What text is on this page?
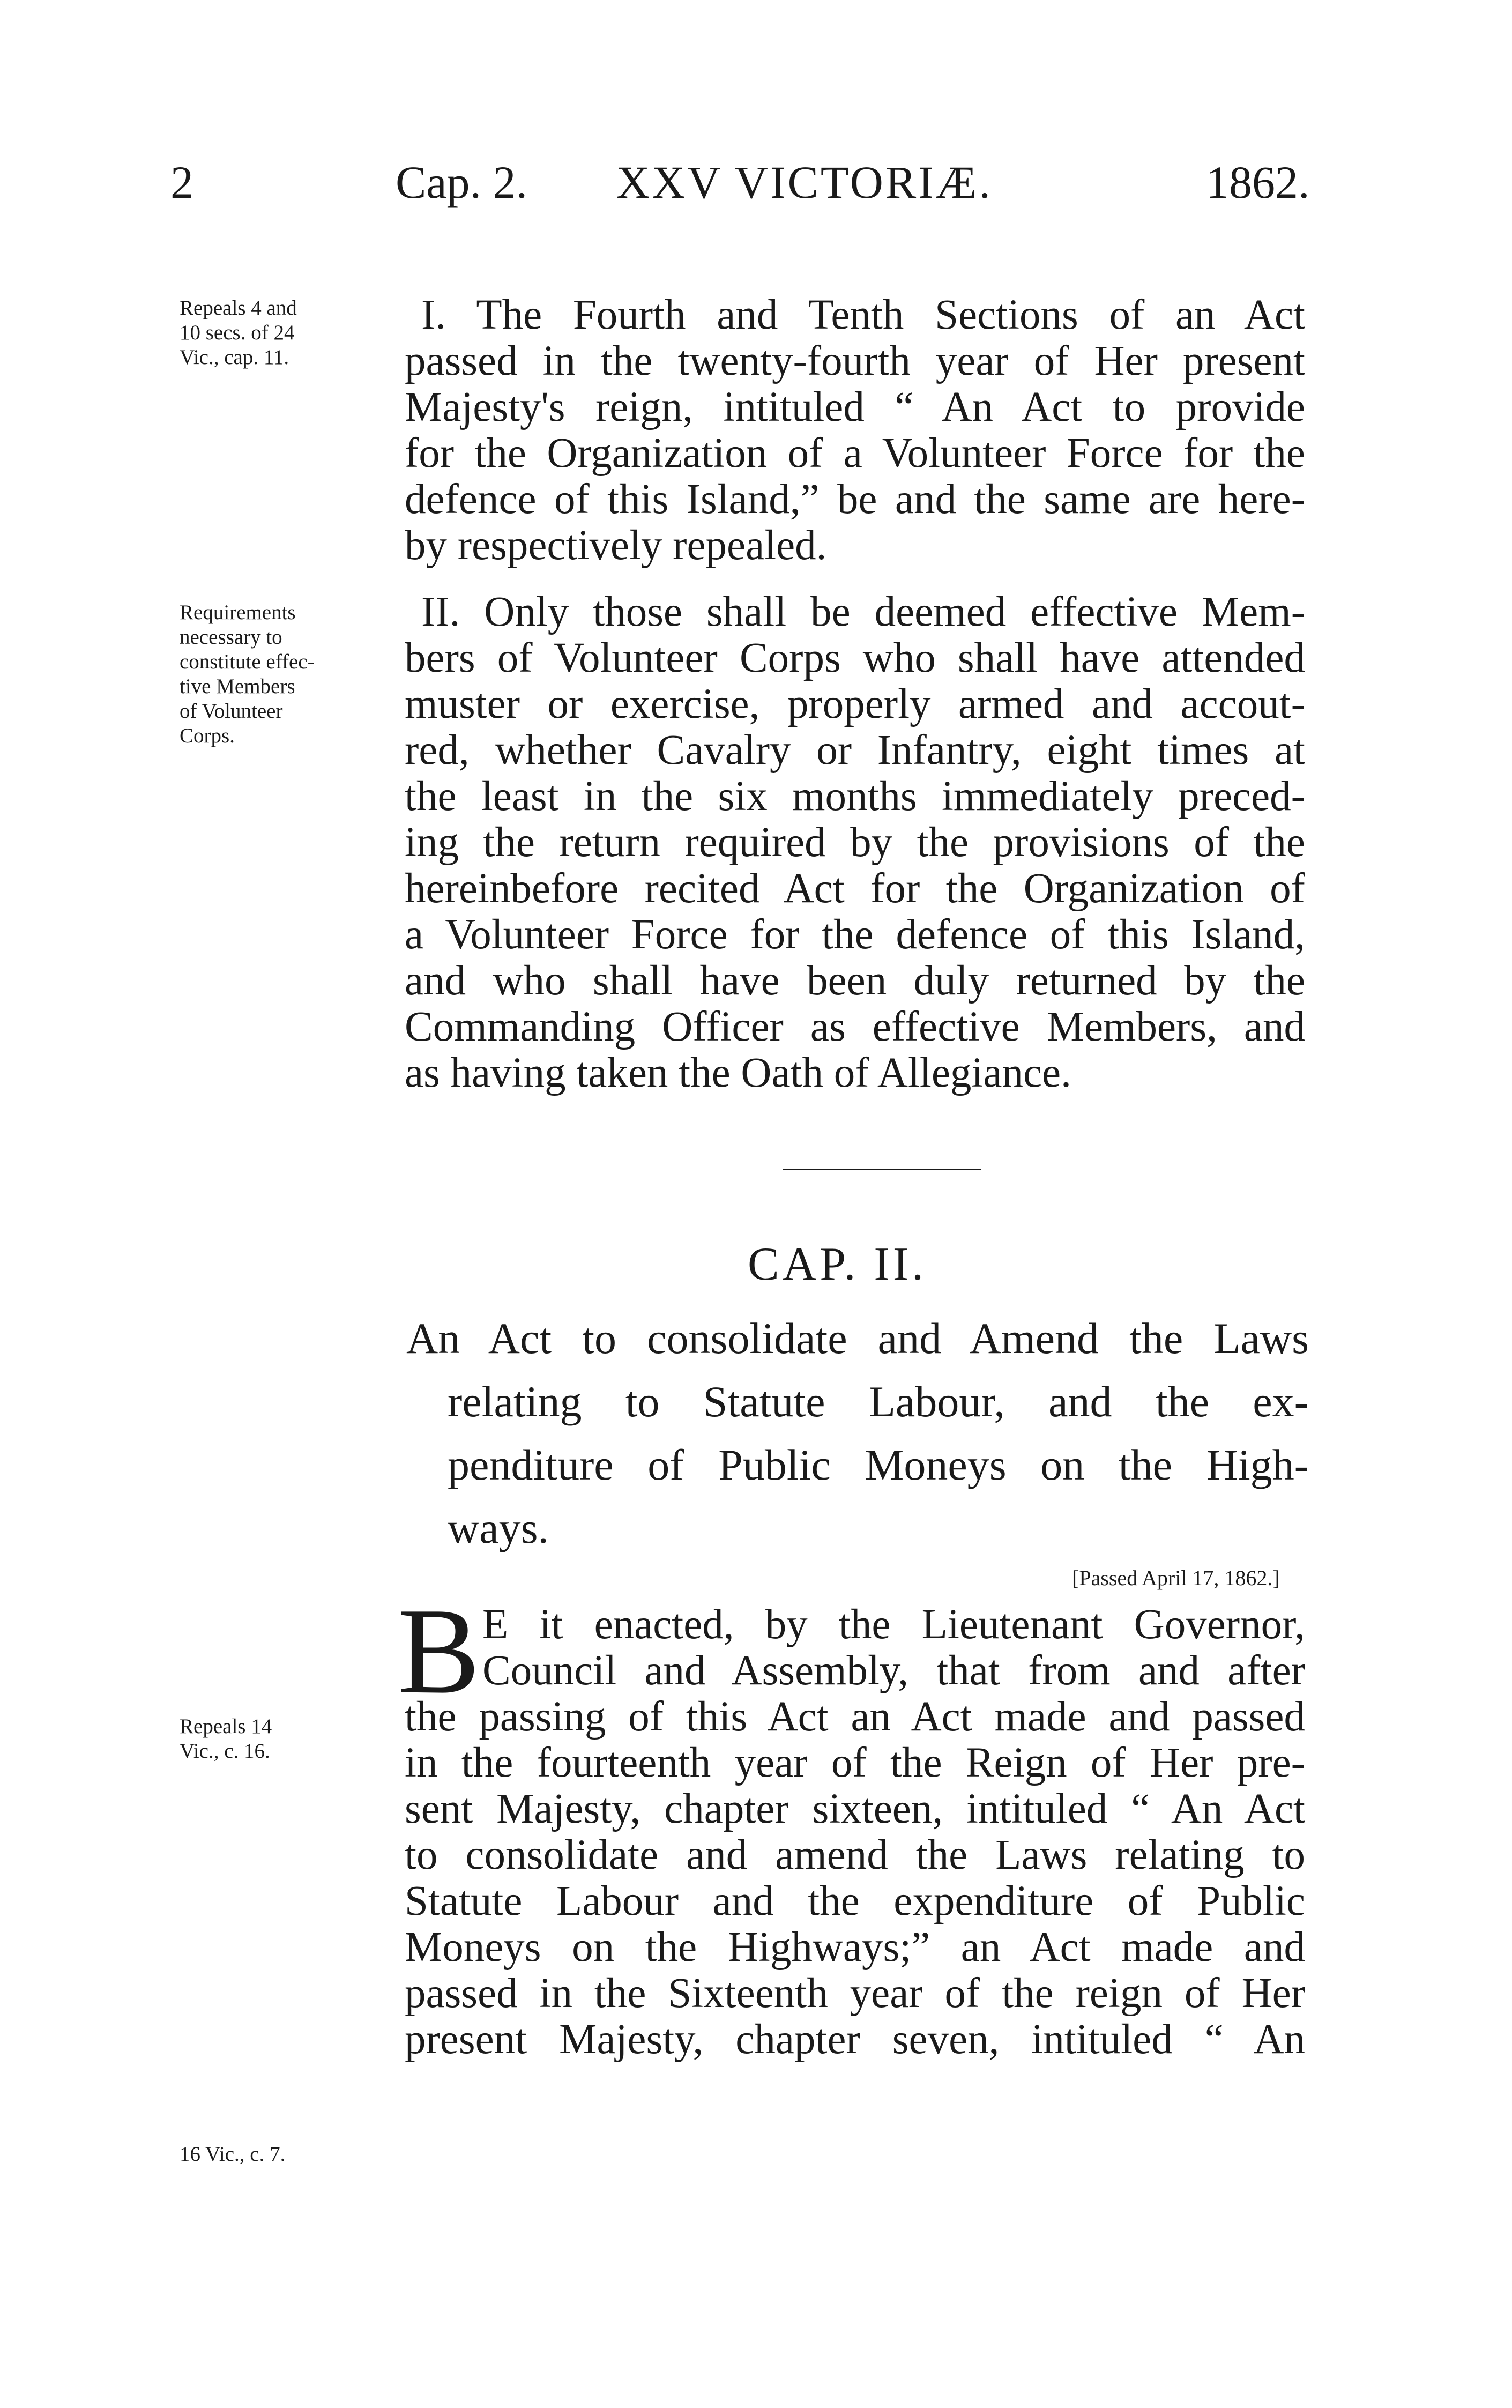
2	Cap. 2. XXV VICTORIÆ.	1862.
Repeals 4 and
10 secs. of 24
Vic., cap. 11.
Requirements
necessary to
constitute effec-
tive Members
of Volunteer
Corps.
Repeals 14
Vic., c. 16.
16 Vic., c. 7.
I. The Fourth and Tenth Sections of an Act
passed in the twenty-fourth year of Her present
Majesty's reign, intituled “ An Act to provide
for the Organization of a Volunteer Force for the
defence of this Island,” be and the same are here-
by respectively repealed.
II. Only those shall be deemed effective Mem-
bers of Volunteer Corps who shall have attended
muster or exercise, properly armed and accout-
red, whether Cavalry or Infantry, eight times at
the least in the six months immediately preced-
ing the return required by the provisions of the
hereinbefore recited Act for the Organization of
a Volunteer Force for the defence of this Island,
and who shall have been duly returned by the
Commanding Officer as effective Members, and
as having taken the Oath of Allegiance.
CAP. II.
An Act to consolidate and Amend the Laws
relating to Statute Labour, and the ex-
penditure of Public Moneys on the High-
ways.
[Passed April 17, 1862.]
B E it enacted, by the Lieutenant Governor,
Council and Assembly, that from and after
the passing of this Act an Act made and passed
in the fourteenth year of the Reign of Her pre-
sent Majesty, chapter sixteen, intituled “ An Act
to consolidate and amend the Laws relating to
Statute Labour and the expenditure of Public
Moneys on the Highways;” an Act made and
passed in the Sixteenth year of the reign of Her
present Majesty, chapter seven, intituled “ An
